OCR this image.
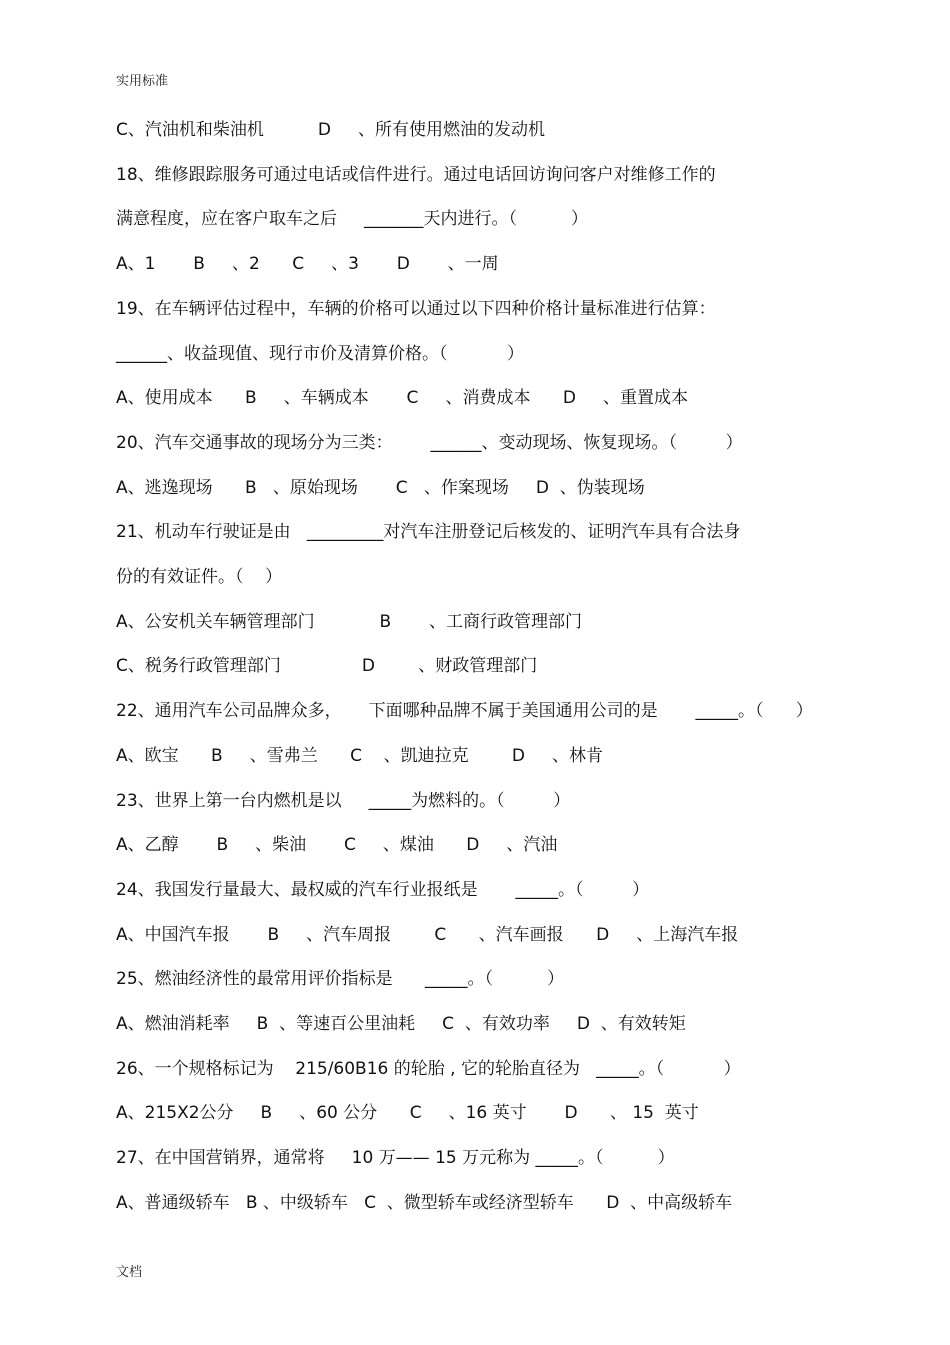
实用标准
C、汽油机和柴油机          D     、所有使用燃油的发动机
18、维修跟踪服务可通过电话或信件进行。通过电话回访询问客户对维修工作的
满意程度，应在客户取车之后     _______天内进行。（          ）
A、1       B     、2      C     、3       D       、一周
19、在车辆评估过程中，车辆的价格可以通过以下四种价格计量标准进行估算：
______、收益现值、现行市价及清算价格。（           ）
A、使用成本      B     、车辆成本       C     、消费成本      D     、重置成本
20、汽车交通事故的现场分为三类：       ______、变动现场、恢复现场。（         ）
A、逃逸现场      B   、原始现场       C   、作案现场     D  、伪装现场
21、机动车行驶证是由   _________对汽车注册登记后核发的、证明汽车具有合法身
份的有效证件。（    ）
A、公安机关车辆管理部门            B       、工商行政管理部门
C、税务行政管理部门               D        、财政管理部门
22、通用汽车公司品牌众多，     下面哪种品牌不属于美国通用公司的是       _____。（      ）
A、欧宝      B     、雪弗兰      C    、凯迪拉克        D     、林肯
23、世界上第一台内燃机是以     _____为燃料的。（         ）
A、乙醇       B     、柴油       C     、煤油      D     、汽油
24、我国发行量最大、最权威的汽车行业报纸是       _____。（         ）
A、中国汽车报       B     、汽车周报        C      、汽车画报      D     、上海汽车报
25、燃油经济性的最常用评价指标是      _____。（          ）
A、燃油消耗率     B  、等速百公里油耗     C  、有效功率     D  、有效转矩
26、一个规格标记为    215/60B16 的轮胎 , 它的轮胎直径为   _____。（           ）
A、215X2公分     B     、60 公分      C     、16 英寸       D      、 15  英寸
27、在中国营销界，通常将     10 万—— 15 万元称为 _____。（          ）
A、普通级轿车   B 、中级轿车   C  、微型轿车或经济型轿车      D  、中高级轿车
文档
